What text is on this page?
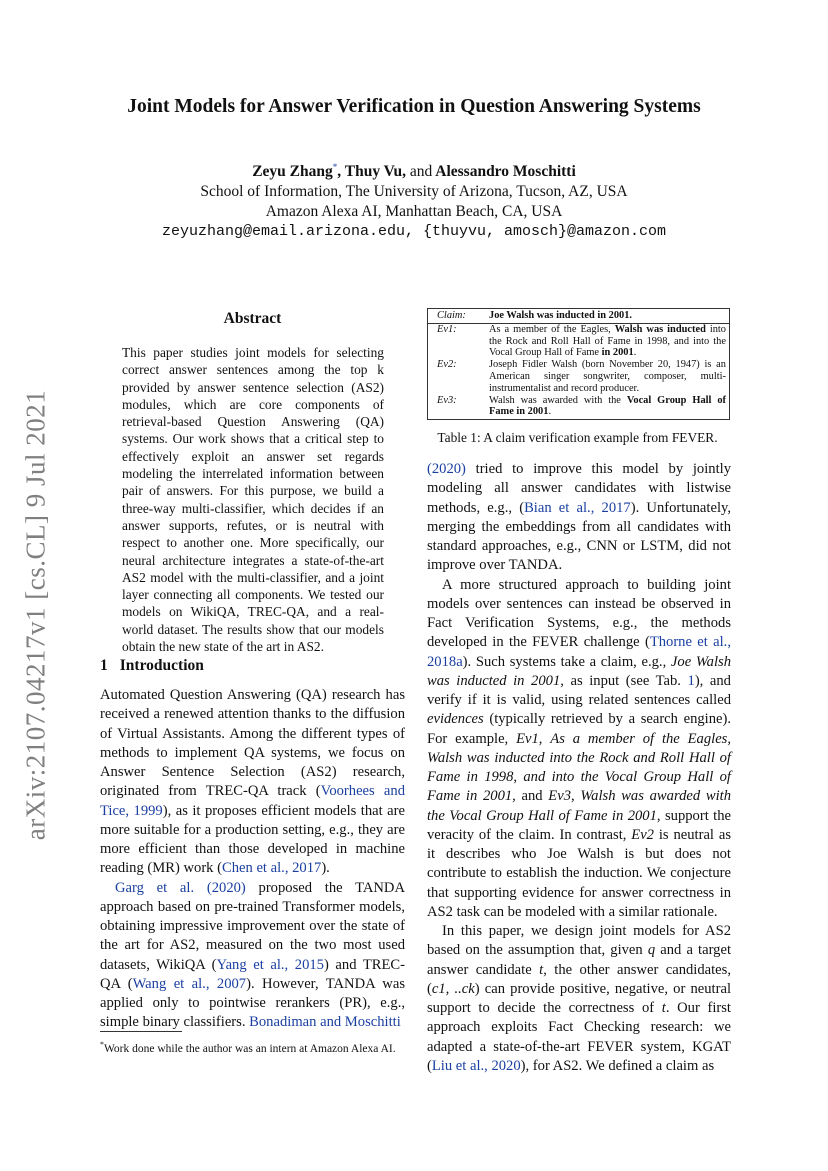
arXiv:2107.04217v1 [cs.CL] 9 Jul 2021
Joint Models for Answer Verification in Question Answering Systems
Zeyu Zhang*, Thuy Vu, and Alessandro Moschitti
School of Information, The University of Arizona, Tucson, AZ, USA
Amazon Alexa AI, Manhattan Beach, CA, USA
zeyuzhang@email.arizona.edu, {thuyvu, amosch}@amazon.com
Abstract
This paper studies joint models for selecting correct answer sentences among the top k provided by answer sentence selection (AS2) modules, which are core components of retrieval-based Question Answering (QA) systems. Our work shows that a critical step to effectively exploit an answer set regards modeling the interrelated information between pair of answers. For this purpose, we build a three-way multi-classifier, which decides if an answer supports, refutes, or is neutral with respect to another one. More specifically, our neural architecture integrates a state-of-the-art AS2 model with the multi-classifier, and a joint layer connecting all components. We tested our models on WikiQA, TREC-QA, and a real-world dataset. The results show that our models obtain the new state of the art in AS2.
1 Introduction

Automated Question Answering (QA) research has received a renewed attention thanks to the diffusion of Virtual Assistants. Among the different types of methods to implement QA systems, we focus on Answer Sentence Selection (AS2) research, originated from TREC-QA track (Voorhees and Tice, 1999), as it proposes efficient models that are more suitable for a production setting, e.g., they are more efficient than those developed in machine reading (MR) work (Chen et al., 2017).

Garg et al. (2020) proposed the TANDA approach based on pre-trained Transformer models, obtaining impressive improvement over the state of the art for AS2, measured on the two most used datasets, WikiQA (Yang et al., 2015) and TREC-QA (Wang et al., 2007). However, TANDA was applied only to pointwise rerankers (PR), e.g., simple binary classifiers. Bonadiman and Moschitti

*Work done while the author was an intern at Amazon Alexa AI.
Claim:	Joe Walsh was inducted in 2001.
Ev1:	As a member of the Eagles, Walsh was inducted into the Rock and Roll Hall of Fame in 1998, and into the Vocal Group Hall of Fame in 2001.
Ev2:	Joseph Fidler Walsh (born November 20, 1947) is an American singer songwriter, composer, multi-instrumentalist and record producer.
Ev3:	Walsh was awarded with the Vocal Group Hall of Fame in 2001.
Table 1: A claim verification example from FEVER.

(2020) tried to improve this model by jointly modeling all answer candidates with listwise methods, e.g., (Bian et al., 2017). Unfortunately, merging the embeddings from all candidates with standard approaches, e.g., CNN or LSTM, did not improve over TANDA.

A more structured approach to building joint models over sentences can instead be observed in Fact Verification Systems, e.g., the methods developed in the FEVER challenge (Thorne et al., 2018a). Such systems take a claim, e.g., Joe Walsh was inducted in 2001, as input (see Tab. 1), and verify if it is valid, using related sentences called evidences (typically retrieved by a search engine). For example, Ev1, As a member of the Eagles, Walsh was inducted into the Rock and Roll Hall of Fame in 1998, and into the Vocal Group Hall of Fame in 2001, and Ev3, Walsh was awarded with the Vocal Group Hall of Fame in 2001, support the veracity of the claim. In contrast, Ev2 is neutral as it describes who Joe Walsh is but does not contribute to establish the induction. We conjecture that supporting evidence for answer correctness in AS2 task can be modeled with a similar rationale.

In this paper, we design joint models for AS2 based on the assumption that, given q and a target answer candidate t, the other answer candidates, (c1, ..ck) can provide positive, negative, or neutral support to decide the correctness of t. Our first approach exploits Fact Checking research: we adapted a state-of-the-art FEVER system, KGAT (Liu et al., 2020), for AS2. We defined a claim as
